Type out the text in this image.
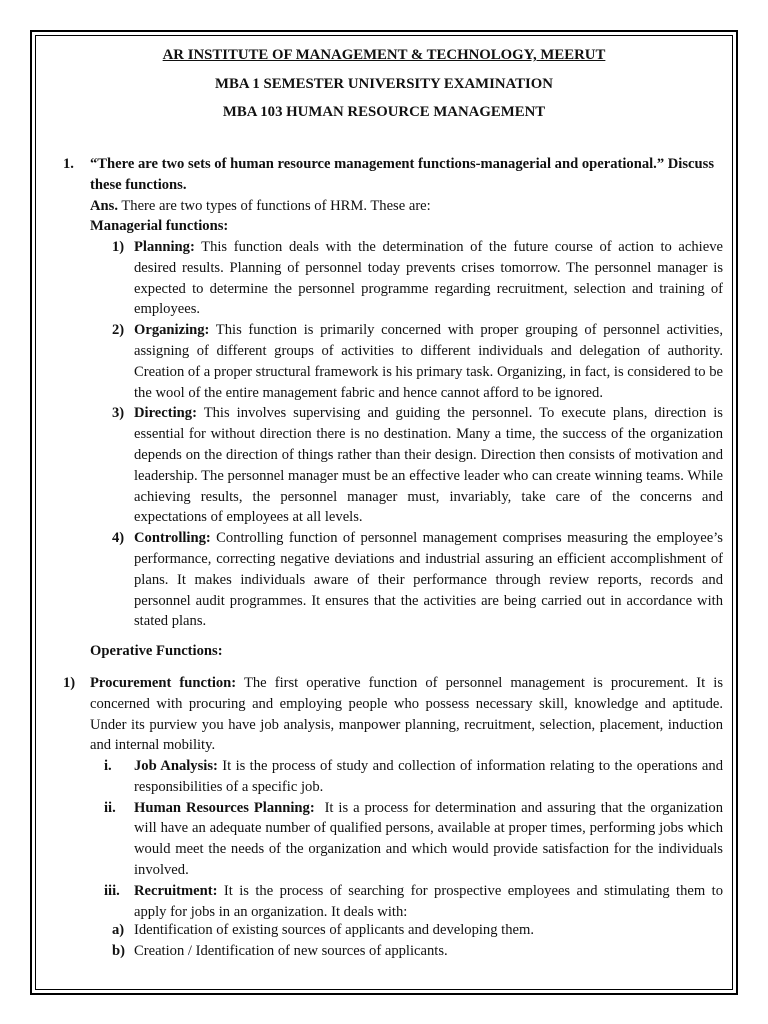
AR INSTITUTE OF MANAGEMENT & TECHNOLOGY, MEERUT
MBA 1 SEMESTER UNIVERSITY EXAMINATION
MBA 103 HUMAN RESOURCE MANAGEMENT
1. “There are two sets of human resource management functions-managerial and operational.” Discuss these functions.
Ans. There are two types of functions of HRM. These are:
Managerial functions:
1) Planning: This function deals with the determination of the future course of action to achieve desired results. Planning of personnel today prevents crises tomorrow. The personnel manager is expected to determine the personnel programme regarding recruitment, selection and training of employees.
2) Organizing: This function is primarily concerned with proper grouping of personnel activities, assigning of different groups of activities to different individuals and delegation of authority. Creation of a proper structural framework is his primary task. Organizing, in fact, is considered to be the wool of the entire management fabric and hence cannot afford to be ignored.
3) Directing: This involves supervising and guiding the personnel. To execute plans, direction is essential for without direction there is no destination. Many a time, the success of the organization depends on the direction of things rather than their design. Direction then consists of motivation and leadership. The personnel manager must be an effective leader who can create winning teams. While achieving results, the personnel manager must, invariably, take care of the concerns and expectations of employees at all levels.
4) Controlling: Controlling function of personnel management comprises measuring the employee’s performance, correcting negative deviations and industrial assuring an efficient accomplishment of plans. It makes individuals aware of their performance through review reports, records and personnel audit programmes. It ensures that the activities are being carried out in accordance with stated plans.
Operative Functions:
1) Procurement function: The first operative function of personnel management is procurement. It is concerned with procuring and employing people who possess necessary skill, knowledge and aptitude. Under its purview you have job analysis, manpower planning, recruitment, selection, placement, induction and internal mobility.
i. Job Analysis: It is the process of study and collection of information relating to the operations and responsibilities of a specific job.
ii. Human Resources Planning:  It is a process for determination and assuring that the organization will have an adequate number of qualified persons, available at proper times, performing jobs which would meet the needs of the organization and which would provide satisfaction for the individuals involved.
iii. Recruitment: It is the process of searching for prospective employees and stimulating them to apply for jobs in an organization. It deals with:
a) Identification of existing sources of applicants and developing them.
b) Creation / Identification of new sources of applicants.
